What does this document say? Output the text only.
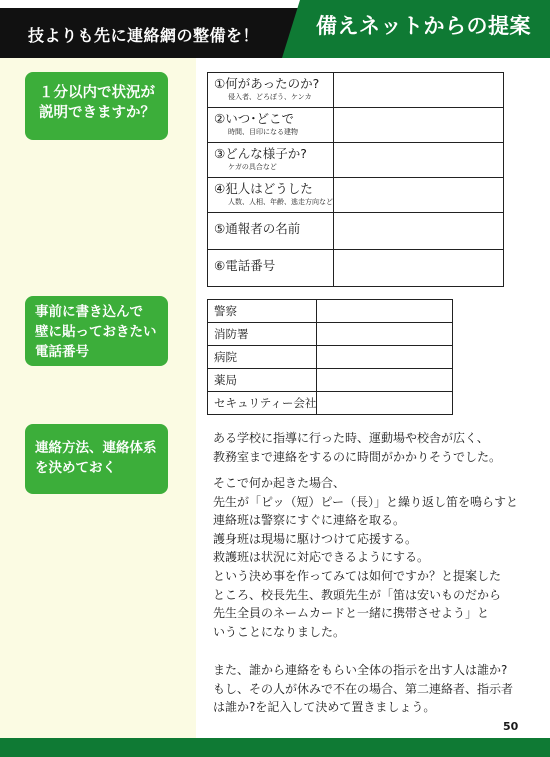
技よりも先に連絡網の整備を！	備えネットからの提案
１分以内で状況が
説明できますか？
①何があったのか?
侵入者、どろぼう、ケンカ	

②いつ･どこで
時間、目印になる建物	

③どんな様子か?
ケガの具合など	

④犯人はどうした
人数、人相、年齢、逃走方向など	

⑤通報者の名前	

⑥電話番号	

事前に書き込んで
壁に貼っておきたい
電話番号
警察	
消防署	
病院	
薬局	
セキュリティー会社	
連絡方法、連絡体系
を決めておく
ある学校に指導に行った時、運動場や校舎が広く、
教務室まで連絡をするのに時間がかかりそうでした。
そこで何か起きた場合、
先生が「ピッ（短）ピー（長）」と繰り返し笛を鳴らすと
連絡班は警察にすぐに連絡を取る。
護身班は現場に駆けつけて応援する。
救護班は状況に対応できるようにする。
という決め事を作ってみては如何ですか？と提案した
ところ、校長先生、教頭先生が「笛は安いものだから
先生全員のネームカードと一緒に携帯させよう」と
いうことになりました。
また、誰から連絡をもらい全体の指示を出す人は誰か?
もし、その人が休みで不在の場合、第二連絡者、指示者
は誰か?を記入して決めて置きましょう。
50
